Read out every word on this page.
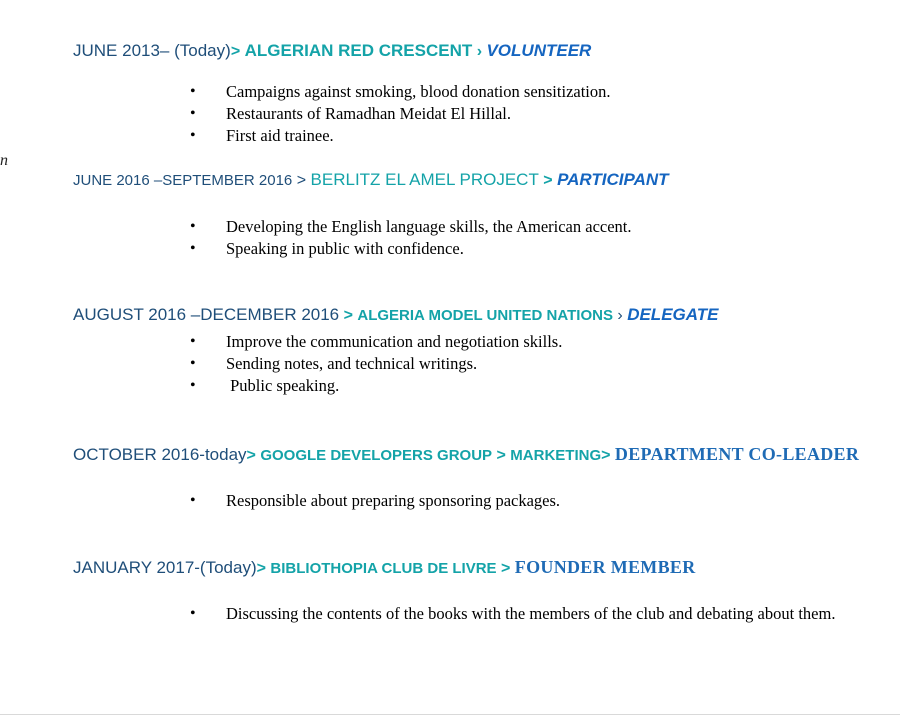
n
JUNE 2013– (Today)> ALGERIAN RED CRESCENT › VOLUNTEER
• Campaigns against smoking, blood donation sensitization.
• Restaurants of Ramadhan Meidat El Hillal.
• First aid trainee.
JUNE 2016 –SEPTEMBER 2016 > BERLITZ EL AMEL PROJECT > PARTICIPANT
• Developing the English language skills, the American accent.
• Speaking in public with confidence.
AUGUST 2016 –DECEMBER 2016 > ALGERIA MODEL UNITED NATIONS › DELEGATE
• Improve the communication and negotiation skills.
• Sending notes, and technical writings.
•  Public speaking.
OCTOBER 2016-today> GOOGLE DEVELOPERS GROUP > MARKETING> DEPARTMENT CO-LEADER
• Responsible about preparing sponsoring packages.
JANUARY 2017-(Today)> BIBLIOTHOPIA CLUB DE LIVRE > FOUNDER MEMBER
• Discussing the contents of the books with the members of the club and debating about them.
